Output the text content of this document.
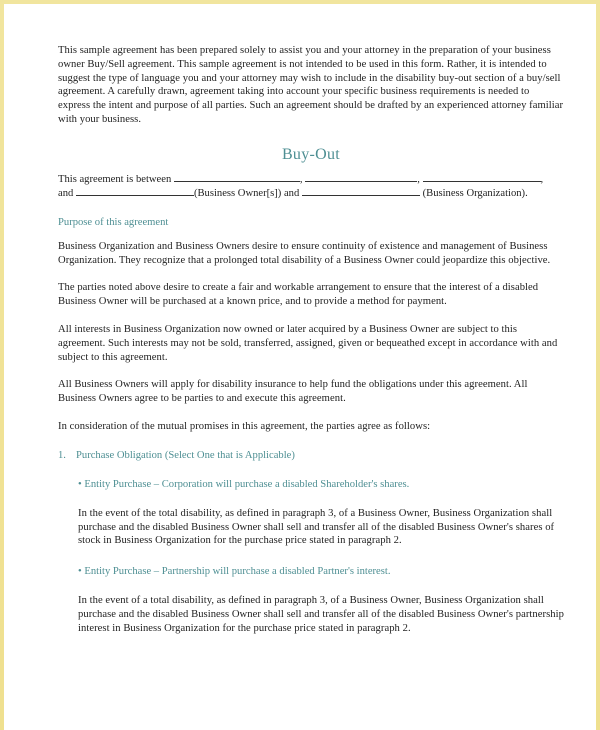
This sample agreement has been prepared solely to assist you and your attorney in the preparation of your business owner Buy/Sell agreement. This sample agreement is not intended to be used in this form. Rather, it is intended to suggest the type of language you and your attorney may wish to include in the disability buy-out section of a buy/sell agreement. A carefully drawn, agreement taking into account your specific business requirements is needed to express the intent and purpose of all parties. Such an agreement should be drafted by an experienced attorney familiar with your business.

Buy-Out
This agreement is between	,	,	,
and	(Business Owner[s]) and	(Business Organization).
Purpose of this agreement

Business Organization and Business Owners desire to ensure continuity of existence and management of Business Organization. They recognize that a prolonged total disability of a Business Owner could jeopardize this objective.

The parties noted above desire to create a fair and workable arrangement to ensure that the interest of a disabled Business Owner will be purchased at a known price, and to provide a method for payment.

All interests in Business Organization now owned or later acquired by a Business Owner are subject to this agreement. Such interests may not be sold, transferred, assigned, given or bequeathed except in accordance with and subject to this agreement.

All Business Owners will apply for disability insurance to help fund the obligations under this agreement. All Business Owners agree to be parties to and execute this agreement.

In consideration of the mutual promises in this agreement, the parties agree as follows:

1. Purchase Obligation (Select One that is Applicable)
• Entity Purchase – Corporation will purchase a disabled Shareholder's shares.

In the event of the total disability, as defined in paragraph 3, of a Business Owner, Business Organization shall purchase and the disabled Business Owner shall sell and transfer all of the disabled Business Owner's shares of stock in Business Organization for the purchase price stated in paragraph 2.

• Entity Purchase – Partnership will purchase a disabled Partner's interest.

In the event of a total disability, as defined in paragraph 3, of a Business Owner, Business Organization shall purchase and the disabled Business Owner shall sell and transfer all of the disabled Business Owner's partnership interest in Business Organization for the purchase price stated in paragraph 2.
